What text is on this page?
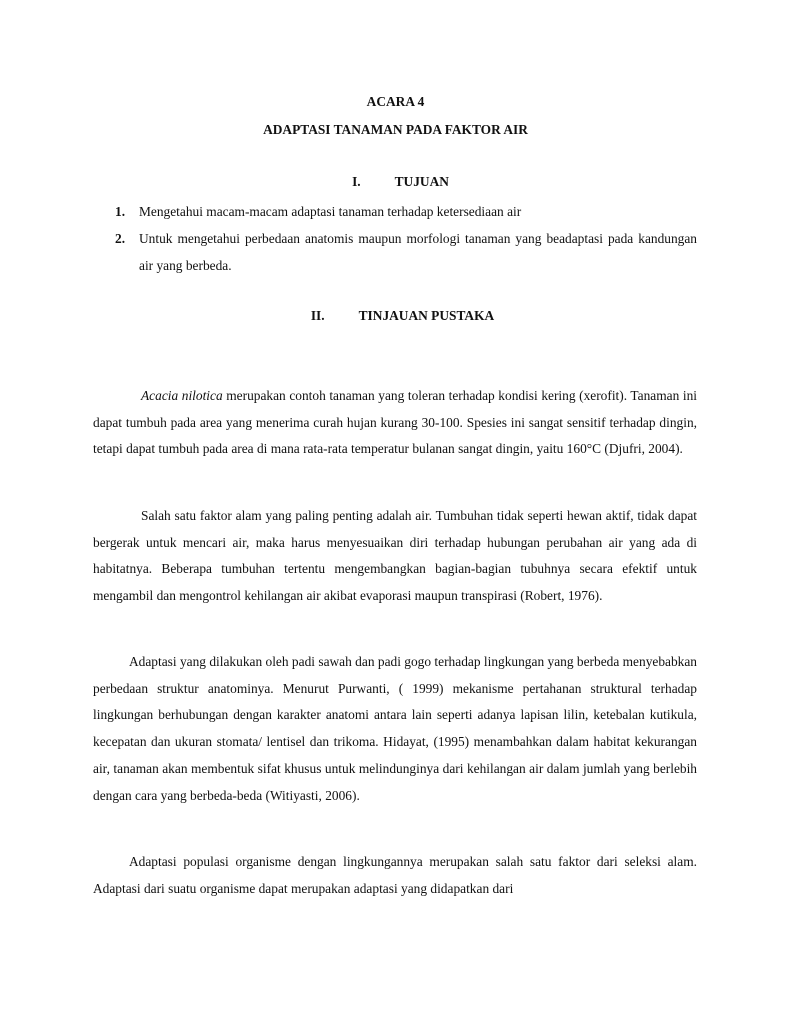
ACARA 4
ADAPTASI TANAMAN PADA FAKTOR AIR
I.	TUJUAN
1. Mengetahui macam-macam adaptasi tanaman terhadap ketersediaan air
2. Untuk mengetahui perbedaan anatomis maupun morfologi tanaman yang beadaptasi pada kandungan air yang berbeda.
II.	TINJAUAN PUSTAKA

Acacia nilotica merupakan contoh tanaman yang toleran terhadap kondisi kering (xerofit). Tanaman ini dapat tumbuh pada area yang menerima curah hujan kurang 30-100. Spesies ini sangat sensitif terhadap dingin, tetapi dapat tumbuh pada area di mana rata-rata temperatur bulanan sangat dingin, yaitu 160°C (Djufri, 2004).

Salah satu faktor alam yang paling penting adalah air. Tumbuhan tidak seperti hewan aktif, tidak dapat bergerak untuk mencari air, maka harus menyesuaikan diri terhadap hubungan perubahan air yang ada di habitatnya. Beberapa tumbuhan tertentu mengembangkan bagian-bagian tubuhnya secara efektif untuk mengambil dan mengontrol kehilangan air akibat evaporasi maupun transpirasi (Robert, 1976).

Adaptasi yang dilakukan oleh padi sawah dan padi gogo terhadap lingkungan yang berbeda menyebabkan perbedaan struktur anatominya. Menurut Purwanti, ( 1999) mekanisme pertahanan struktural terhadap lingkungan berhubungan dengan karakter anatomi antara lain seperti adanya lapisan lilin, ketebalan kutikula, kecepatan dan ukuran stomata/ lentisel dan trikoma. Hidayat, (1995) menambahkan dalam habitat kekurangan air, tanaman akan membentuk sifat khusus untuk melindunginya dari kehilangan air dalam jumlah yang berlebih dengan cara yang berbeda-beda (Witiyasti, 2006).

Adaptasi populasi organisme dengan lingkungannya merupakan salah satu faktor dari seleksi alam. Adaptasi dari suatu organisme dapat merupakan adaptasi yang didapatkan dari
